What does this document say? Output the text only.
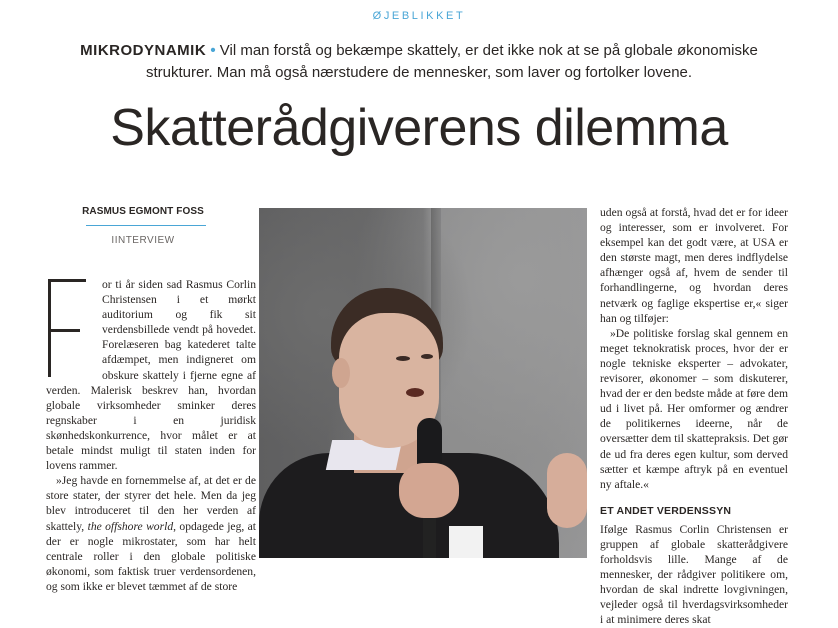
ØJEBLIKKET
MIKRODYNAMIK • Vil man forstå og bekæmpe skattely, er det ikke nok at se på globale økonomiske strukturer. Man må også nærstudere de mennesker, som laver og fortolker lovene.
Skatterådgiverens dilemma
RASMUS EGMONT FOSS
IINTERVIEW

or ti år siden sad Rasmus Corlin Christensen i et mørkt auditorium og fik sit verdensbillede vendt på hovedet. Forelæseren bag katederet talte afdæmpet, men indigneret om obskure skattely i fjerne egne af verden. Malerisk beskrev han, hvordan globale virksomheder sminker deres regnskaber i en juridisk skønhedskonkurrence, hvor målet er at betale mindst muligt til staten inden for lovens rammer.

»Jeg havde en fornemmelse af, at det er de store stater, der styrer det hele. Men da jeg blev introduceret til den her verden af skattely, the offshore world, opdagede jeg, at der er nogle mikrostater, som har helt centrale roller i den globale politiske økonomi, som faktisk truer verdensordenen, og som ikke er blevet tæmmet af de store

uden også at forstå, hvad det er for ideer og interesser, som er involveret. For eksempel kan det godt være, at USA er den største magt, men deres indflydelse afhænger også af, hvem de sender til forhandlingerne, og hvordan deres netværk og faglige ekspertise er,« siger han og tilføjer:

»De politiske forslag skal gennem en meget teknokratisk proces, hvor der er nogle tekniske eksperter – advokater, revisorer, økonomer – som diskuterer, hvad der er den bedste måde at føre dem ud i livet på. Her omformer og ændrer de politikernes ideerne, når de oversætter dem til skattepraksis. Det gør de ud fra deres egen kultur, som derved sætter et kæmpe aftryk på en eventuel ny aftale.«

ET ANDET VERDENSSYN

Ifølge Rasmus Corlin Christensen er gruppen af globale skatterådgivere forholdsvis lille. Mange af de mennesker, der rådgiver politikere om, hvordan de skal indrette lovgivningen, vejleder også til hverdagsvirksomheder i at minimere deres skat
